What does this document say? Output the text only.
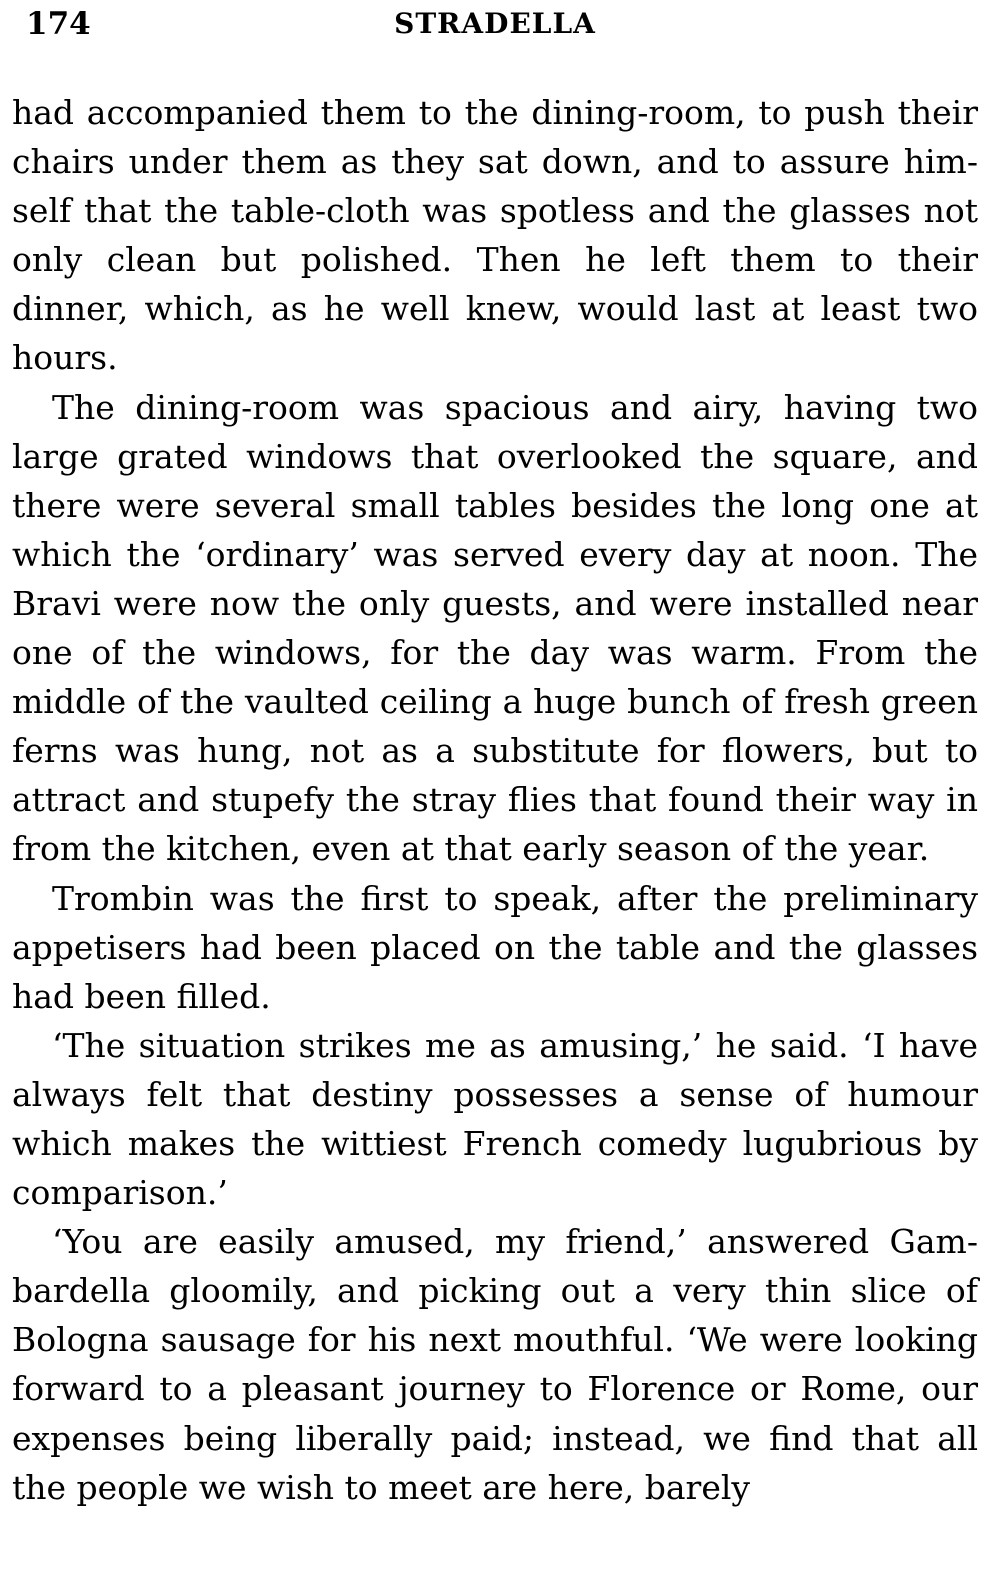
174	STRADELLA

had accompanied them to the dining-room, to push their chairs under them as they sat down, and to assure himself that the table-cloth was spotless and the glasses not only clean but polished. Then he left them to their dinner, which, as he well knew, would last at least two hours.

The dining-room was spacious and airy, having two large grated windows that overlooked the square, and there were several small tables besides the long one at which the ‘ordinary’ was served every day at noon. The Bravi were now the only guests, and were installed near one of the windows, for the day was warm. From the middle of the vaulted ceiling a huge bunch of fresh green ferns was hung, not as a substitute for flowers, but to attract and stupefy the stray flies that found their way in from the kitchen, even at that early season of the year.

Trombin was the first to speak, after the preliminary appetisers had been placed on the table and the glasses had been filled.

‘The situation strikes me as amusing,’ he said. ‘I have always felt that destiny possesses a sense of humour which makes the wittiest French comedy lugubrious by comparison.’

‘You are easily amused, my friend,’ answered Gambardella gloomily, and picking out a very thin slice of Bologna sausage for his next mouthful. ‘We were looking forward to a pleasant journey to Florence or Rome, our expenses being liberally paid; instead, we find that all the people we wish to meet are here, barely
